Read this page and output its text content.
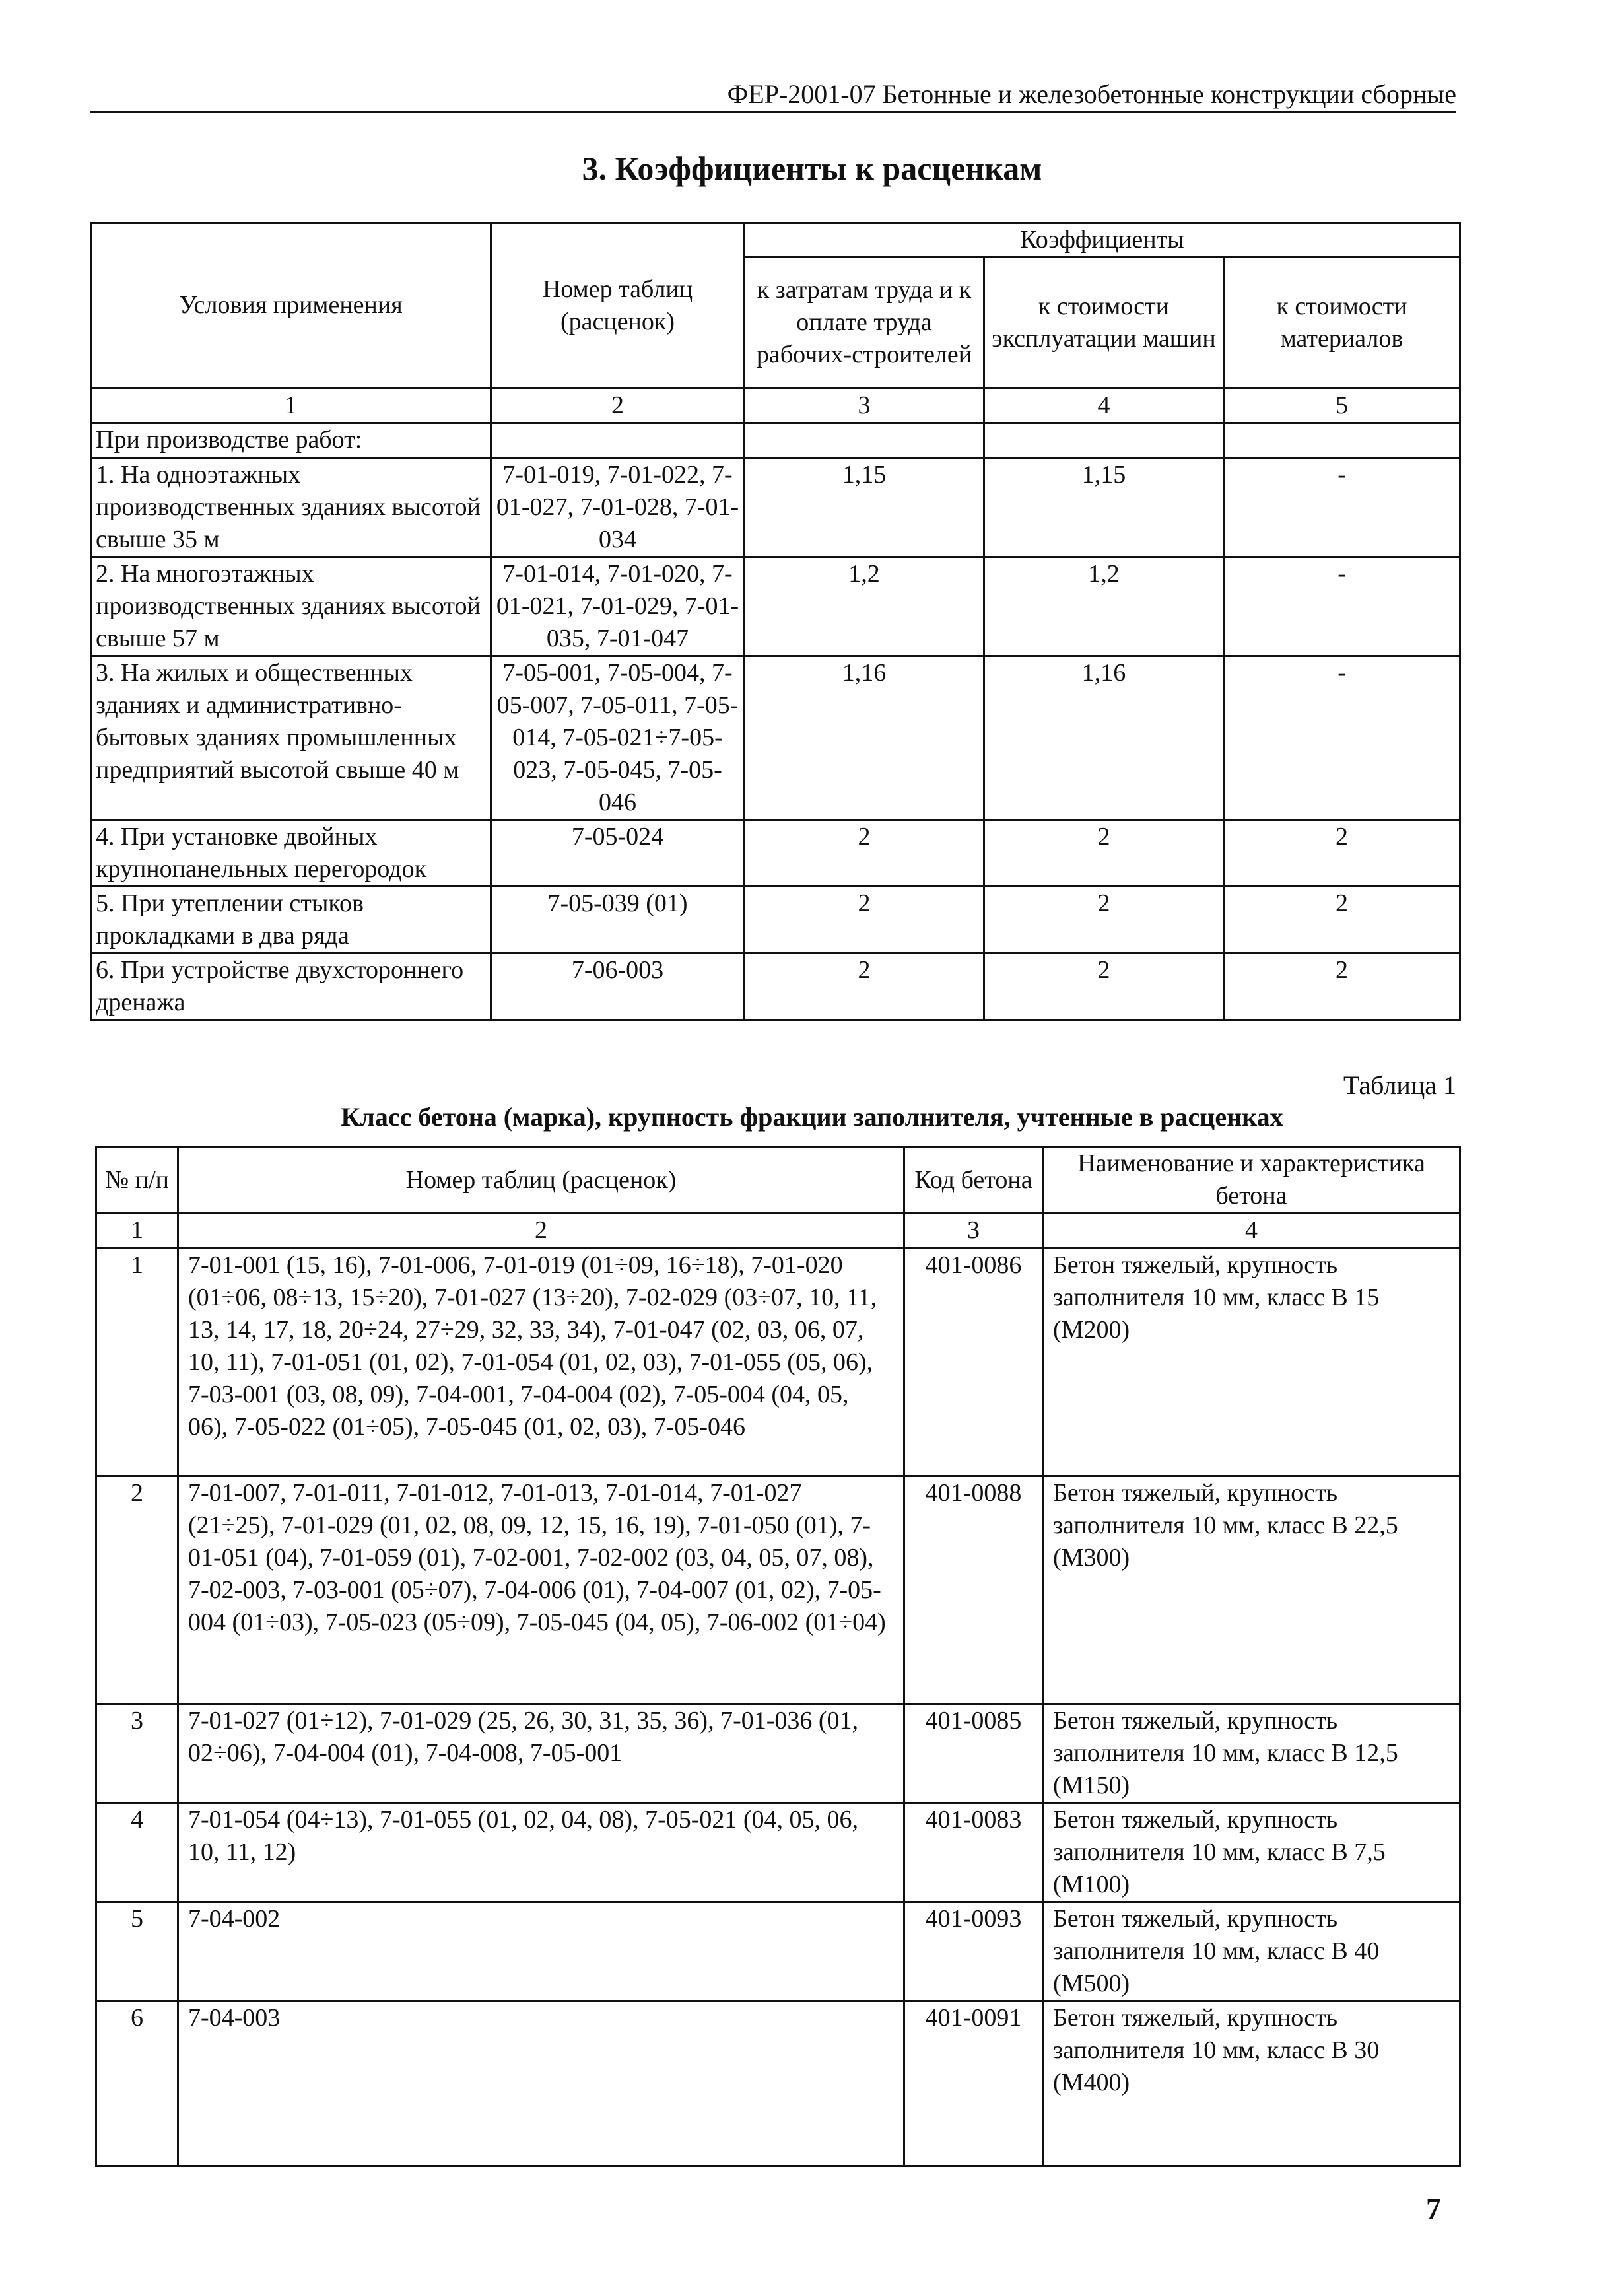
ФЕР-2001-07 Бетонные и железобетонные конструкции сборные
3. Коэффициенты к расценкам
Условия применения	Номер таблиц (расценок)	Коэффициенты		
		к затратам труда и к оплате труда рабочих-строителей	к стоимости эксплуатации машин	к стоимости материалов
1	2	3	4	5
При производстве работ:				
1. На одноэтажных производственных зданиях высотой свыше 35 м	7-01-019, 7-01-022, 7-01-027, 7-01-028, 7-01-034	1,15	1,15	-
2. На многоэтажных производственных зданиях высотой свыше 57 м	7-01-014, 7-01-020, 7-01-021, 7-01-029, 7-01-035, 7-01-047	1,2	1,2	-
3. На жилых и общественных зданиях и административно-бытовых зданиях промышленных предприятий высотой свыше 40 м	7-05-001, 7-05-004, 7-05-007, 7-05-011, 7-05-014, 7-05-021÷7-05-023, 7-05-045, 7-05-046	1,16	1,16	-
4. При установке двойных крупнопанельных перегородок	7-05-024	2	2	2
5. При утеплении стыков прокладками в два ряда	7-05-039 (01)	2	2	2
6. При устройстве двухстороннего дренажа	7-06-003	2	2	2
Таблица 1
Класс бетона (марка), крупность фракции заполнителя, учтенные в расценках
№ п/п	Номер таблиц (расценок)	Код бетона	Наименование и характеристика бетона
1	2	3	4
1	7-01-001 (15, 16), 7-01-006, 7-01-019 (01÷09, 16÷18), 7-01-020 (01÷06, 08÷13, 15÷20), 7-01-027 (13÷20), 7-02-029 (03÷07, 10, 11, 13, 14, 17, 18, 20÷24, 27÷29, 32, 33, 34), 7-01-047 (02, 03, 06, 07, 10, 11), 7-01-051 (01, 02), 7-01-054 (01, 02, 03), 7-01-055 (05, 06), 7-03-001 (03, 08, 09), 7-04-001, 7-04-004 (02), 7-05-004 (04, 05, 06), 7-05-022 (01÷05), 7-05-045 (01, 02, 03), 7-05-046	401-0086	Бетон тяжелый, крупность заполнителя 10 мм, класс В 15 (М200)
2	7-01-007, 7-01-011, 7-01-012, 7-01-013, 7-01-014, 7-01-027 (21÷25), 7-01-029 (01, 02, 08, 09, 12, 15, 16, 19), 7-01-050 (01), 7-01-051 (04), 7-01-059 (01), 7-02-001, 7-02-002 (03, 04, 05, 07, 08), 7-02-003, 7-03-001 (05÷07), 7-04-006 (01), 7-04-007 (01, 02), 7-05-004 (01÷03), 7-05-023 (05÷09), 7-05-045 (04, 05), 7-06-002 (01÷04)	401-0088	Бетон тяжелый, крупность заполнителя 10 мм, класс В 22,5 (М300)
3	7-01-027 (01÷12), 7-01-029 (25, 26, 30, 31, 35, 36), 7-01-036 (01, 02÷06), 7-04-004 (01), 7-04-008, 7-05-001	401-0085	Бетон тяжелый, крупность заполнителя 10 мм, класс В 12,5 (М150)
4	7-01-054 (04÷13), 7-01-055 (01, 02, 04, 08), 7-05-021 (04, 05, 06, 10, 11, 12)	401-0083	Бетон тяжелый, крупность заполнителя 10 мм, класс В 7,5 (М100)
5	7-04-002	401-0093	Бетон тяжелый, крупность заполнителя 10 мм, класс В 40 (М500)
6	7-04-003	401-0091	Бетон тяжелый, крупность заполнителя 10 мм, класс В 30 (М400)
7
